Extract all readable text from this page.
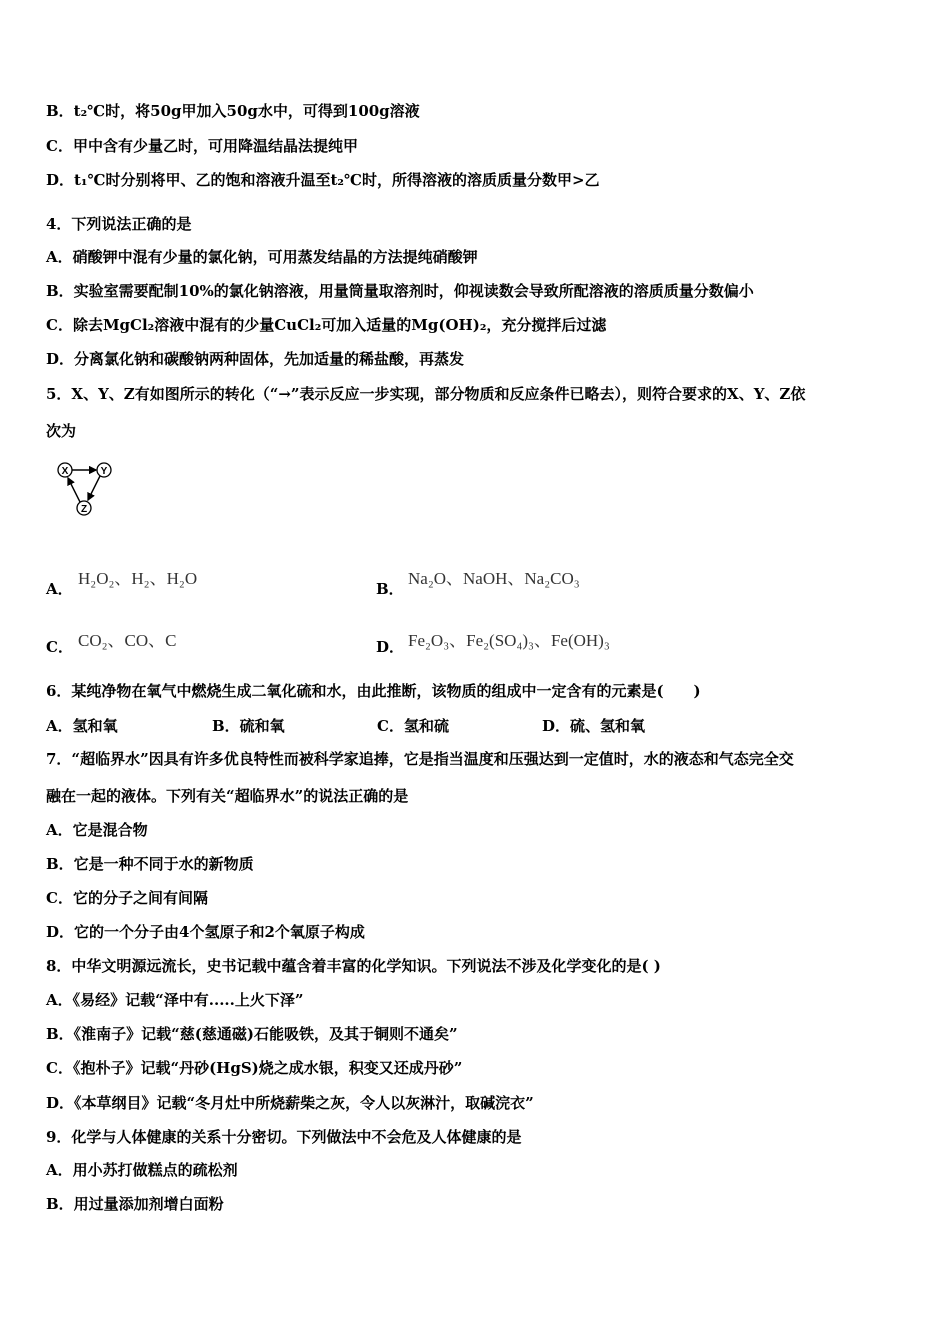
B．t₂℃时，将50g甲加入50g水中，可得到100g溶液
C．甲中含有少量乙时，可用降温结晶法提纯甲
D．t₁℃时分别将甲、乙的饱和溶液升温至t₂℃时，所得溶液的溶质质量分数甲>乙
4．下列说法正确的是
A．硝酸钾中混有少量的氯化钠，可用蒸发结晶的方法提纯硝酸钾
B．实验室需要配制10%的氯化钠溶液，用量筒量取溶剂时，仰视读数会导致所配溶液的溶质质量分数偏小
C．除去MgCl₂溶液中混有的少量CuCl₂可加入适量的Mg(OH)₂，充分搅拌后过滤
D．分离氯化钠和碳酸钠两种固体，先加适量的稀盐酸，再蒸发
5．X、Y、Z有如图所示的转化（“→”表示反应一步实现，部分物质和反应条件已略去），则符合要求的X、Y、Z依
次为
X	Y
Z
A．
H₂O₂、H₂、H₂O
B．
Na₂O、NaOH、Na₂CO₃
C． CO₂、CO、C	D． Fe₂O₃、Fe₂(SO₄)₃、Fe(OH)₃
6．某纯净物在氧气中燃烧生成二氧化硫和水，由此推断，该物质的组成中一定含有的元素是(　　)
A．氢和氧	B．硫和氧	C．氢和硫	D．硫、氢和氧
7．“超临界水”因具有许多优良特性而被科学家追捧，它是指当温度和压强达到一定值时，水的液态和气态完全交
融在一起的液体。下列有关“超临界水”的说法正确的是
A．它是混合物
B．它是一种不同于水的新物质
C．它的分子之间有间隔
D．它的一个分子由4个氢原子和2个氧原子构成
8．中华文明源远流长，史书记载中蕴含着丰富的化学知识。下列说法不涉及化学变化的是( )
A．《易经》记载“泽中有.....上火下泽”
B．《淮南子》记载“慈(慈通磁)石能吸铁，及其于铜则不通矣”
C．《抱朴子》记载“丹砂(HgS)烧之成水银，积变又还成丹砂”
D．《本草纲目》记载“冬月灶中所烧薪柴之灰，令人以灰淋汁，取碱浣衣”
9．化学与人体健康的关系十分密切。下列做法中不会危及人体健康的是
A．用小苏打做糕点的疏松剂
B．用过量添加剂增白面粉
